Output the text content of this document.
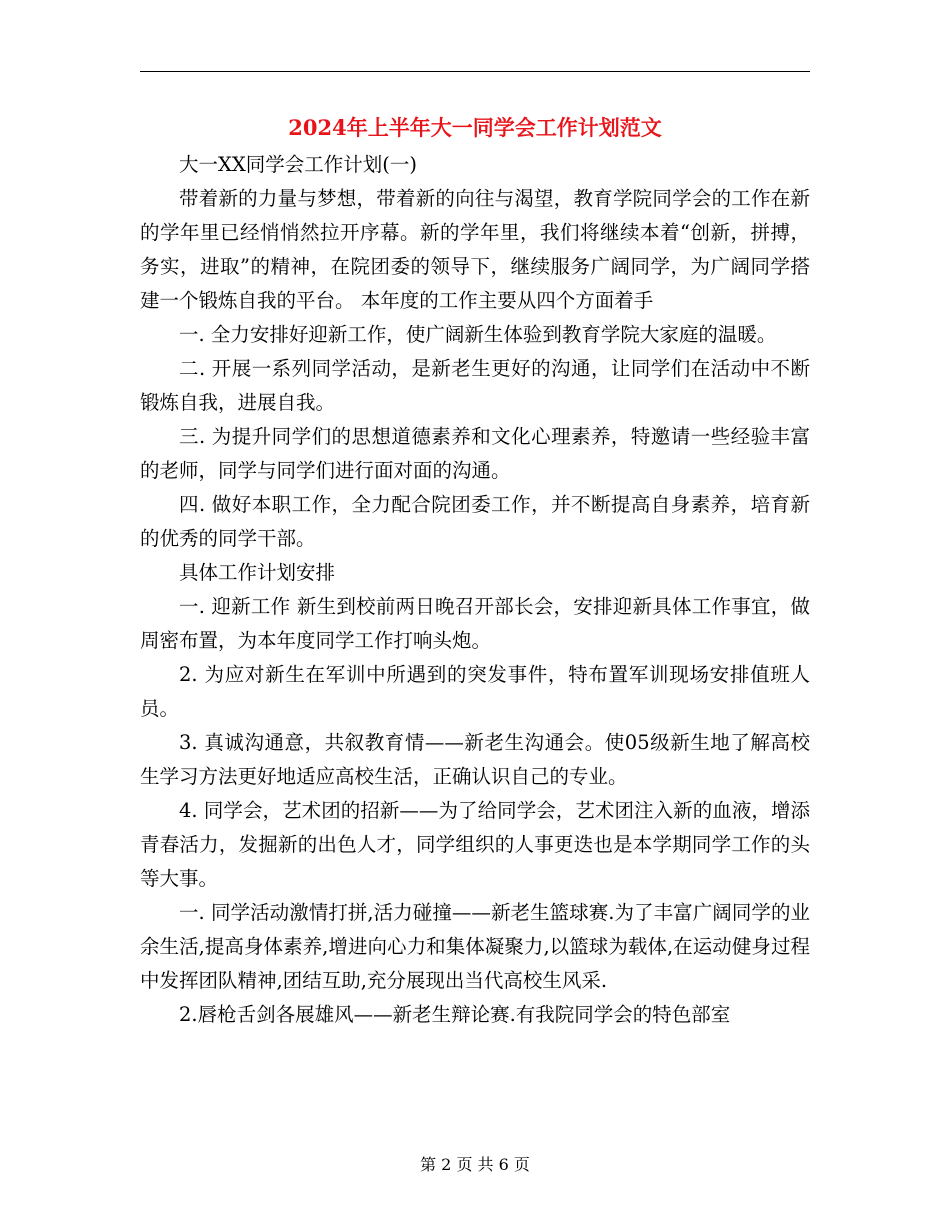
2024年上半年大一同学会工作计划范文

大一XX同学会工作计划(一)

带着新的力量与梦想，带着新的向往与渴望，教育学院同学会的工作在新的学年里已经悄悄然拉开序幕。新的学年里，我们将继续本着“创新，拼搏，务实，进取”的精神，在院团委的领导下，继续服务广阔同学，为广阔同学搭建一个锻炼自我的平台。 本年度的工作主要从四个方面着手

一. 全力安排好迎新工作，使广阔新生体验到教育学院大家庭的温暖。

二. 开展一系列同学活动，是新老生更好的沟通，让同学们在活动中不断锻炼自我，进展自我。

三. 为提升同学们的思想道德素养和文化心理素养，特邀请一些经验丰富的老师，同学与同学们进行面对面的沟通。

四. 做好本职工作，全力配合院团委工作，并不断提高自身素养，培育新的优秀的同学干部。

具体工作计划安排

一. 迎新工作 新生到校前两日晚召开部长会，安排迎新具体工作事宜，做周密布置，为本年度同学工作打响头炮。

2. 为应对新生在军训中所遇到的突发事件，特布置军训现场安排值班人员。

3. 真诚沟通意，共叙教育情——新老生沟通会。使05级新生地了解高校生学习方法更好地适应高校生活，正确认识自己的专业。

4. 同学会，艺术团的招新——为了给同学会，艺术团注入新的血液，增添青春活力，发掘新的出色人才，同学组织的人事更迭也是本学期同学工作的头等大事。

一. 同学活动激情打拼,活力碰撞——新老生篮球赛.为了丰富广阔同学的业余生活,提高身体素养,增进向心力和集体凝聚力,以篮球为载体,在运动健身过程中发挥团队精神,团结互助,充分展现出当代高校生风采.

2.唇枪舌剑各展雄风——新老生辩论赛.有我院同学会的特色部室

第 2 页 共 6 页
